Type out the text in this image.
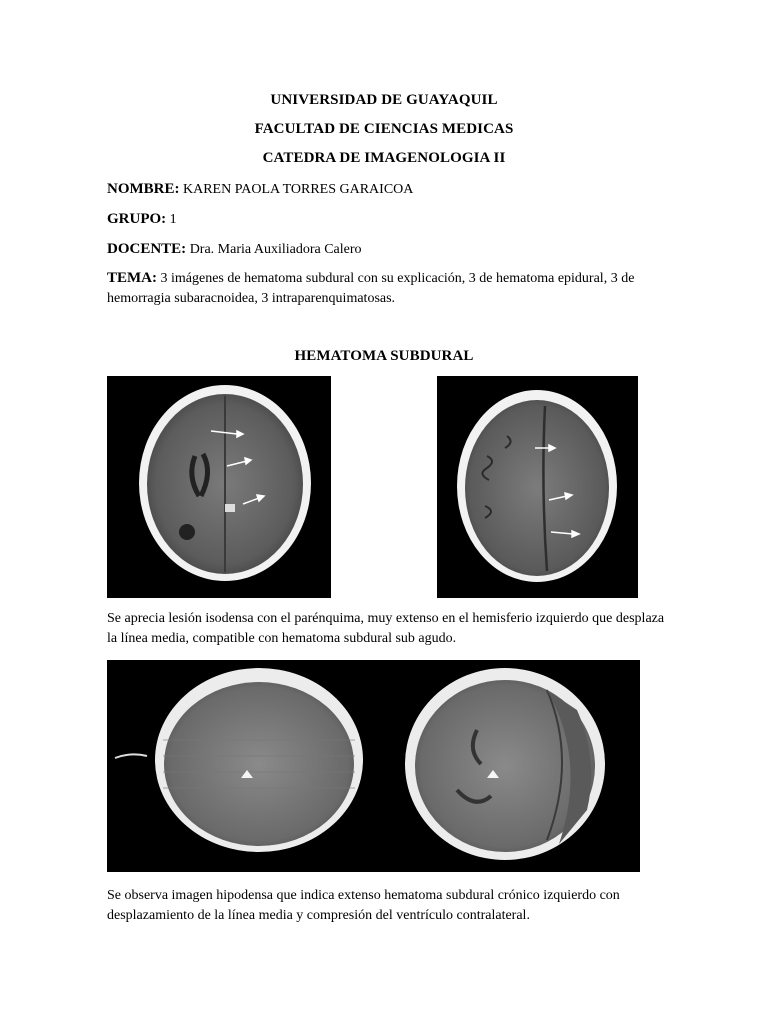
UNIVERSIDAD DE GUAYAQUIL
FACULTAD DE CIENCIAS MEDICAS
CATEDRA DE IMAGENOLOGIA II
NOMBRE: KAREN PAOLA TORRES GARAICOA
GRUPO: 1
DOCENTE: Dra. Maria Auxiliadora Calero
TEMA: 3 imágenes de hematoma subdural con su explicación, 3 de hematoma epidural, 3 de hemorragia subaracnoidea, 3 intraparenquimatosas.
HEMATOMA SUBDURAL
Se aprecia lesión isodensa con el parénquima, muy extenso en el hemisferio izquierdo que desplaza la línea media, compatible con hematoma subdural sub agudo.
Se observa imagen hipodensa que indica extenso hematoma subdural crónico izquierdo con desplazamiento de la línea media y compresión del ventrículo contralateral.
